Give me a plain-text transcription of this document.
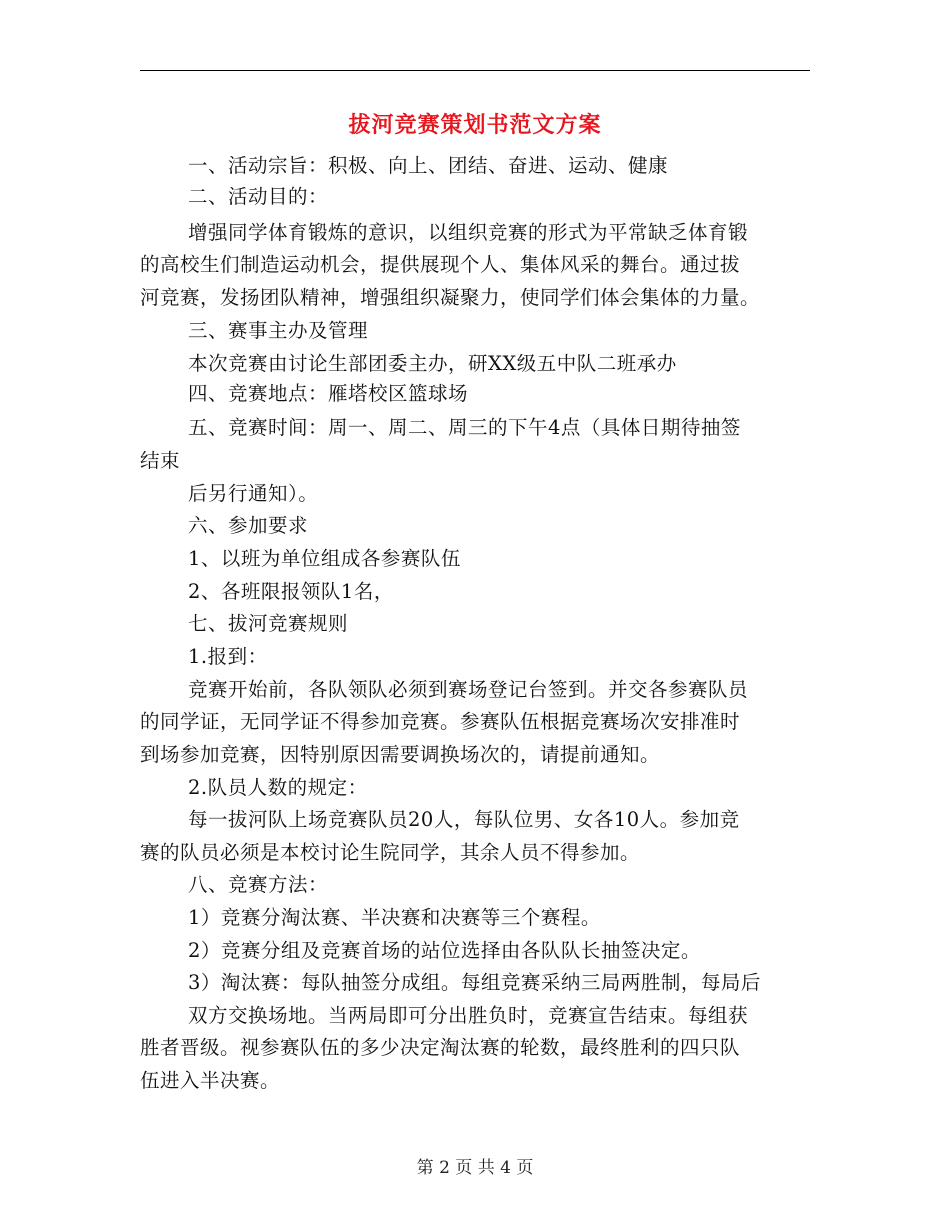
拔河竞赛策划书范文方案
一、活动宗旨：积极、向上、团结、奋进、运动、健康
二、活动目的：
增强同学体育锻炼的意识，以组织竞赛的形式为平常缺乏体育锻
的高校生们制造运动机会，提供展现个人、集体风采的舞台。通过拔
河竞赛，发扬团队精神，增强组织凝聚力，使同学们体会集体的力量。
三、赛事主办及管理
本次竞赛由讨论生部团委主办，研XX级五中队二班承办
四、竞赛地点：雁塔校区篮球场
五、竞赛时间：周一、周二、周三的下午4点（具体日期待抽签
结束
后另行通知）。
六、参加要求
1、以班为单位组成各参赛队伍
2、各班限报领队1名，
七、拔河竞赛规则
1.报到：
竞赛开始前，各队领队必须到赛场登记台签到。并交各参赛队员
的同学证，无同学证不得参加竞赛。参赛队伍根据竞赛场次安排准时
到场参加竞赛，因特别原因需要调换场次的，请提前通知。
2.队员人数的规定：
每一拔河队上场竞赛队员20人，每队位男、女各10人。参加竞
赛的队员必须是本校讨论生院同学，其余人员不得参加。
八、竞赛方法：
1）竞赛分淘汰赛、半决赛和决赛等三个赛程。
2）竞赛分组及竞赛首场的站位选择由各队队长抽签决定。
3）淘汰赛：每队抽签分成组。每组竞赛采纳三局两胜制，每局后
双方交换场地。当两局即可分出胜负时，竞赛宣告结束。每组获
胜者晋级。视参赛队伍的多少决定淘汰赛的轮数，最终胜利的四只队
伍进入半决赛。
第 2 页 共 4 页
